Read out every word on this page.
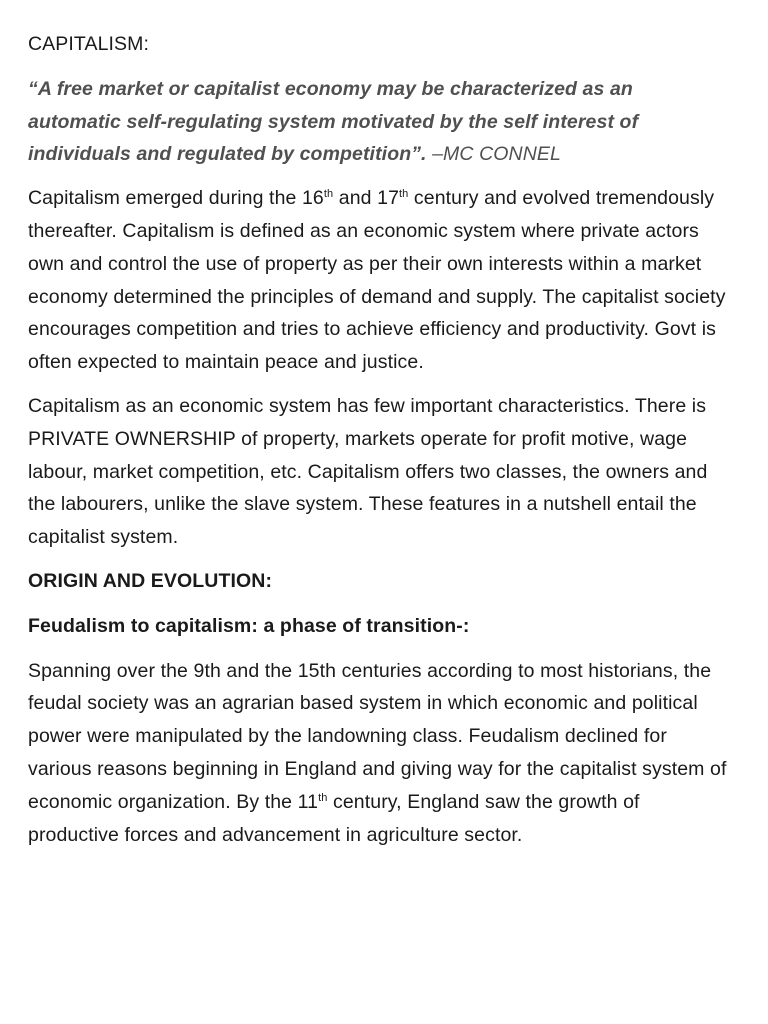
CAPITALISM:

“A free market or capitalist economy may be characterized as an automatic self-regulating system motivated by the self interest of individuals and regulated by competition”. –MC CONNEL

Capitalism emerged during the 16th and 17th century and evolved tremendously thereafter. Capitalism is defined as an economic system where private actors own and control the use of property as per their own interests within a market economy determined the principles of demand and supply. The capitalist society encourages competition and tries to achieve efficiency and productivity. Govt is often expected to maintain peace and justice.

Capitalism as an economic system has few important characteristics. There is PRIVATE OWNERSHIP of property, markets operate for profit motive, wage labour, market competition, etc. Capitalism offers two classes, the owners and the labourers, unlike the slave system. These features in a nutshell entail the capitalist system.

ORIGIN AND EVOLUTION:

Feudalism to capitalism: a phase of transition-:

Spanning over the 9th and the 15th centuries according to most historians, the feudal society was an agrarian based system in which economic and political power were manipulated by the landowning class. Feudalism declined for various reasons beginning in England and giving way for the capitalist system of economic organization. By the 11th century, England saw the growth of productive forces and advancement in agriculture sector.
